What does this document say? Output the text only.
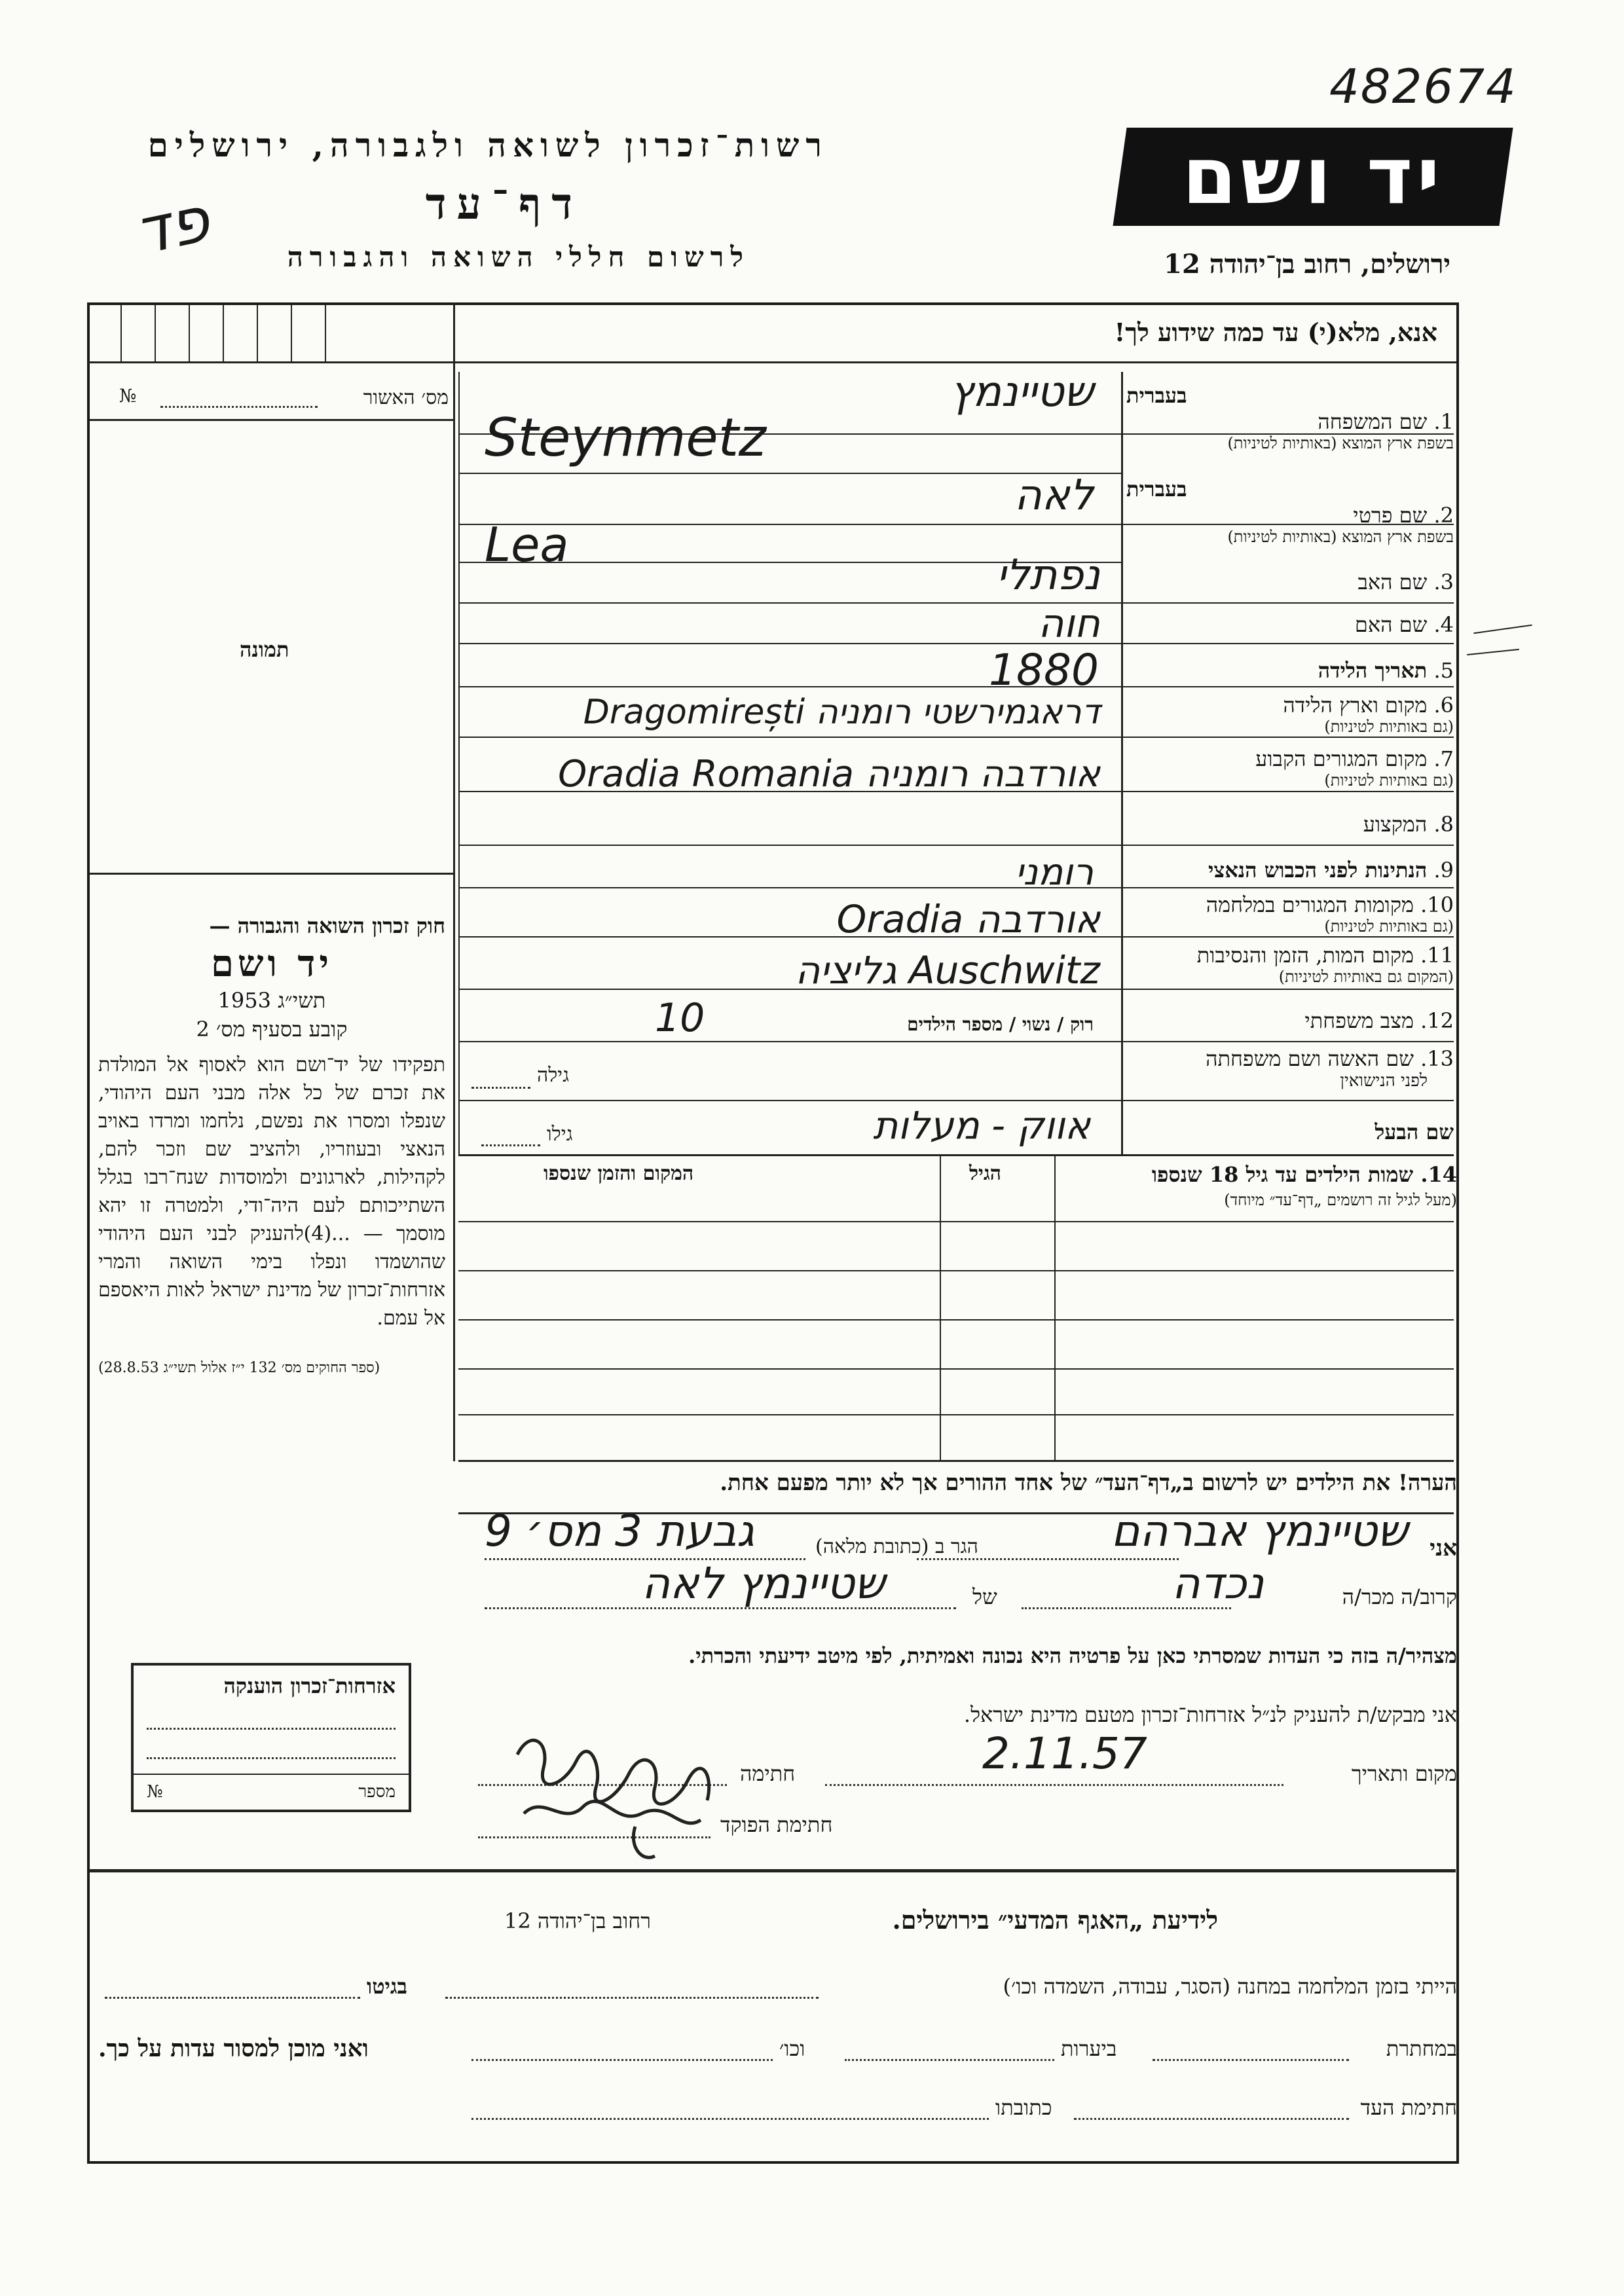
482674
פד
רשות־זכרון לשואה ולגבורה, ירושלים
דף־עד
לרשום חללי השואה והגבורה
יד ושם
ירושלים, רחוב בן־יהודה 12
אנא, מלא(י) עד כמה שידוע לך!
מס׳ האשור
№
תמונה
חוק זכרון השואה והגבורה —
יד ושם
תשי״ג 1953
קובע בסעיף מס׳ 2
תפקידו של יד־ושם הוא לאסוף אל המולדת את זכרם של כל אלה מבני העם היהודי, שנפלו ומסרו את נפשם, נלחמו ומרדו באויב הנאצי ובעוזריו, ולהציב שם וזכר להם, לקהילות, לארגונים ולמוסדות שנח־רבו בגלל השתייכותם לעם היה־ודי, ולמטרה זו יהא מוסמך — ...(4)להעניק לבני העם היהודי שהושמדו ונפלו בימי השואה והמרי אזרחות־זכרון של מדינת ישראל לאות היאספם אל עמם.
(ספר החוקים מס׳ 132 י״ז אלול תשי״ג 28.8.53)
בעברית
1. שם המשפחה
בשפת ארץ המוצא (באותיות לטיניות)
שטיינמץ
Steynmetz
בעברית
2. שם פרטי
בשפת ארץ המוצא (באותיות לטיניות)
לאה
Lea
3. שם האב
נפתלי
4. שם האם
חוה
5. תאריך הלידה
1880
6. מקום וארץ הלידה
(גם באותיות לטיניות)
דראגמירשטי רומניה Dragomirești
7. מקום המגורים הקבוע
(גם באותיות לטיניות)
אורדבה רומניה Oradia Romania
8. המקצוע
9. הנתינות לפני הכבוש הנאצי
רומני
10. מקומות המגורים במלחמה
(גם באותיות לטיניות)
אורדבה Oradia
11. מקום המות, הזמן והנסיבות
(המקום גם באותיות לטיניות)
Auschwitz גליציה
12. מצב משפחתי
רוק / נשוי / מספר הילדים
10
13. שם האשה ושם משפחתה
לפני הנישואין
גילה
שם הבעל
גילו	אווק - מעלות
14. שמות הילדים עד גיל 18 שנספו
(מעל לגיל זה רושמים „דף־עד״ מיוחד)
הגיל
המקום והזמן שנספו
אזרחות־זכרון הוענקה
מספר
№
הערה! את הילדים יש לרשום ב„דף־העד״ של אחד ההורים אך לא יותר מפעם אחת.
אני
שטיינמץ אברהם
הגר ב (כתובת מלאה)
גבעת 3 מס׳ 9
קרוב/ה מכר/ה
נכדה
של
שטיינמץ לאה
מצהיר/ה בזה כי העדות שמסרתי כאן על פרטיה היא נכונה ואמיתית, לפי מיטב ידיעתי והכרתי.
אני מבקש/ת להעניק לנ״ל אזרחות־זכרון מטעם מדינת ישראל.
מקום ותאריך
2.11.57
חתימה
חתימת הפוקד
לידיעת „האגף המדעי״ בירושלים.
רחוב בן־יהודה 12
הייתי בזמן המלחמה במחנה (הסגר, עבודה, השמדה וכו׳)
בגיטו
במחתרת
ביערות
וכו׳
ואני מוכן למסור עדות על כך.
חתימת העד
כתובתו
